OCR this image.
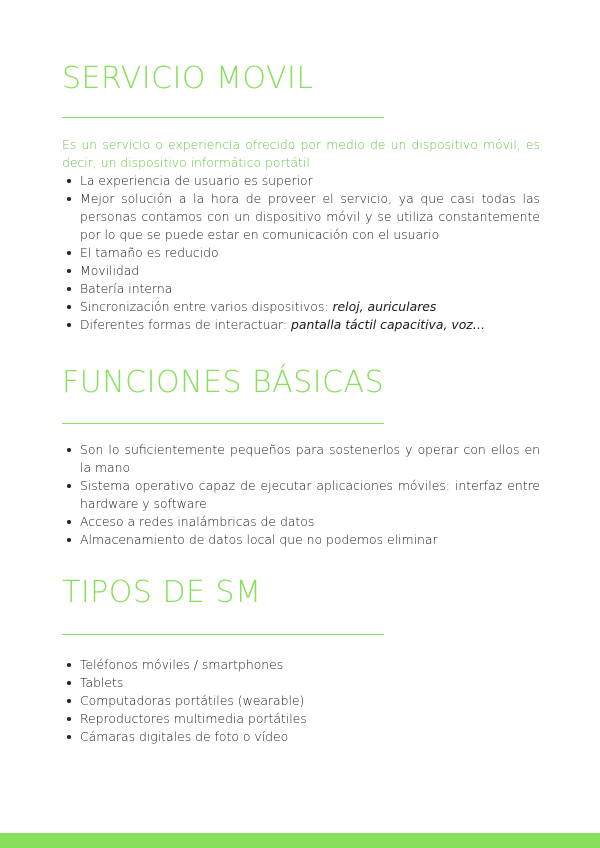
SERVICIO MOVIL

Es un servicio o experiencia ofrecido por medio de un dispositivo móvil, es decir, un dispositivo informático portátil

La experiencia de usuario es superior
Mejor solución a la hora de proveer el servicio, ya que casi todas las personas contamos con un dispositivo móvil y se utiliza constantemente por lo que se puede estar en comunicación con el usuario
El tamaño es reducido
Movilidad
Batería interna
Sincronización entre varios dispositivos: reloj, auriculares
Diferentes formas de interactuar: pantalla táctil capacitiva, voz…
FUNCIONES BÁSICAS
Son lo suficientemente pequeños para sostenerlos y operar con ellos en la mano
Sistema operativo capaz de ejecutar aplicaciones móviles: interfaz entre hardware y software
Acceso a redes inalámbricas de datos
Almacenamiento de datos local que no podemos eliminar
TIPOS DE SM
Teléfonos móviles / smartphones
Tablets
Computadoras portátiles (wearable)
Reproductores multimedia portátiles
Cámaras digitales de foto o vídeo
